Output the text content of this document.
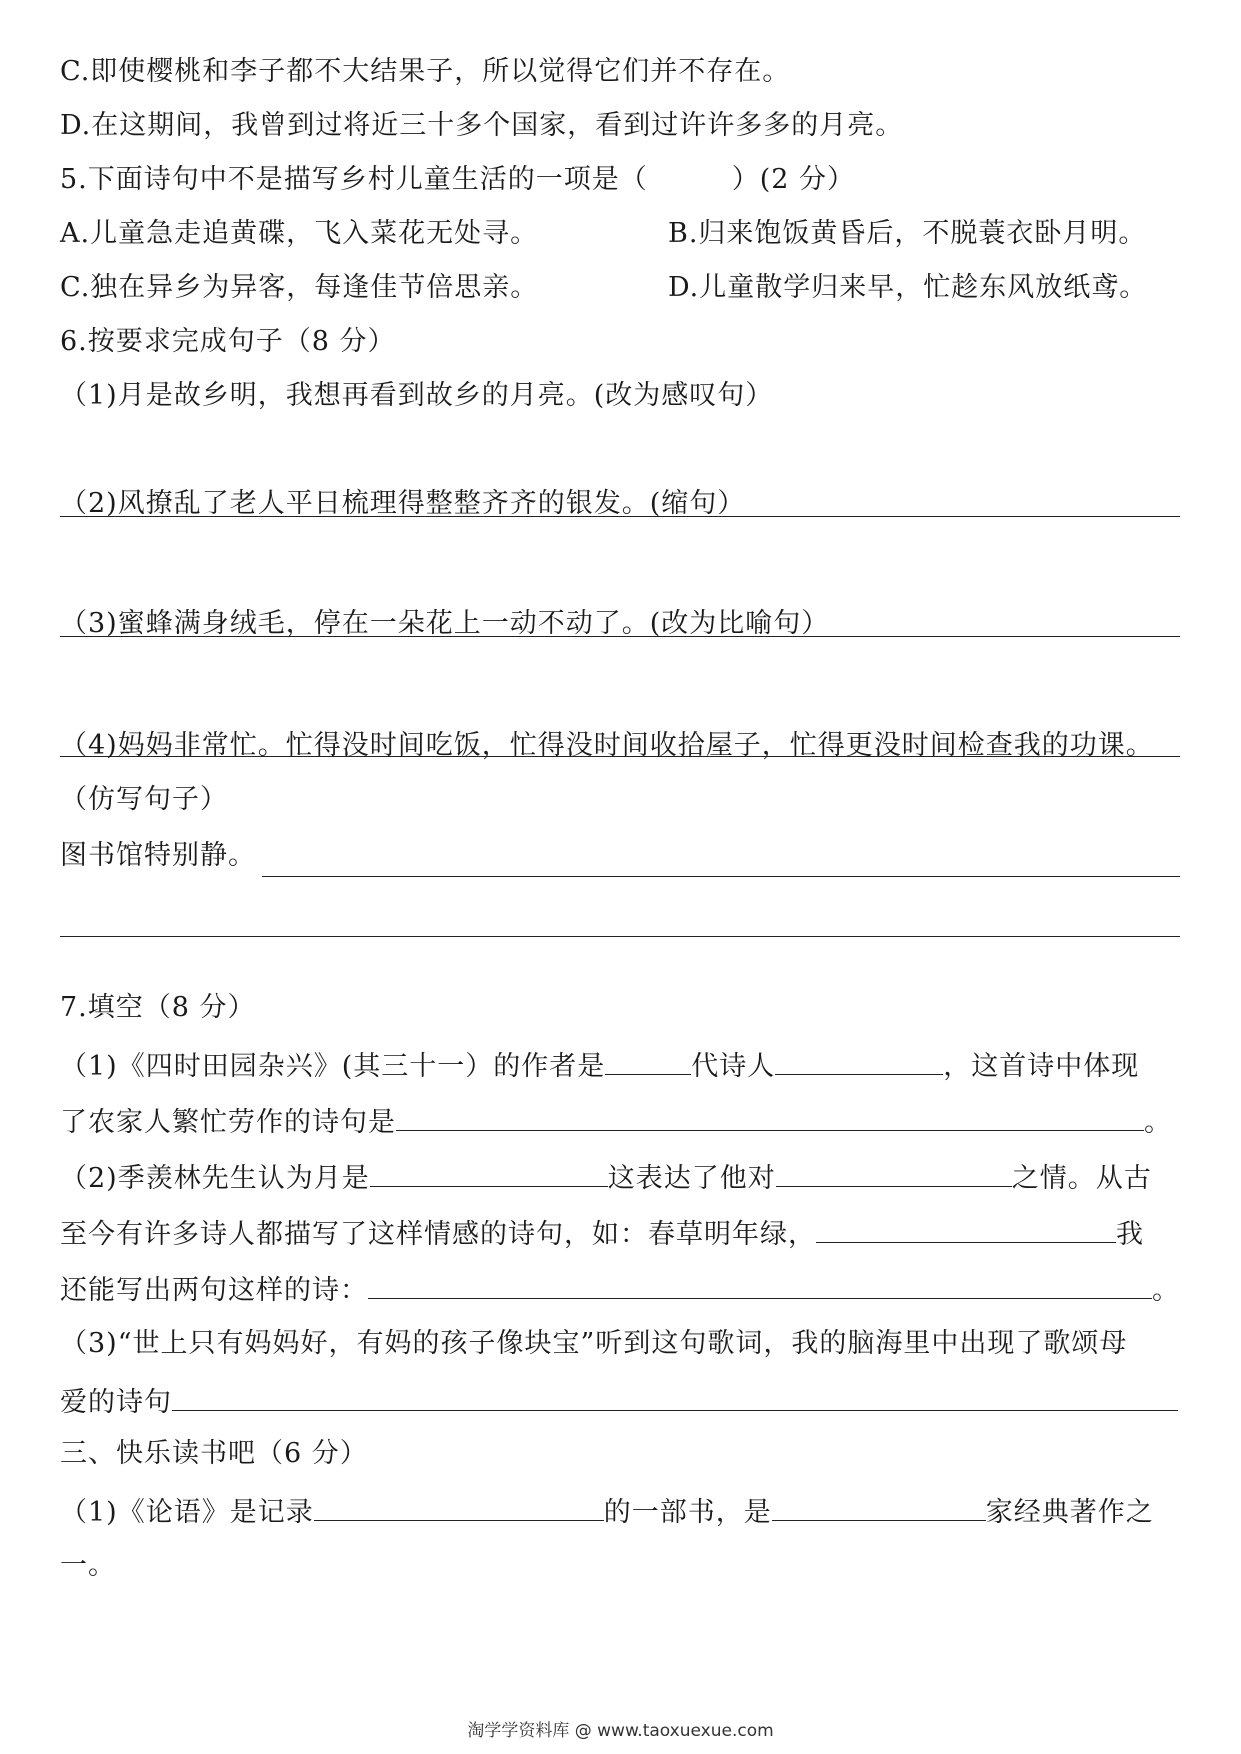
C.即使樱桃和李子都不大结果子，所以觉得它们并不存在。
D.在这期间，我曾到过将近三十多个国家，看到过许许多多的月亮。
5.下面诗句中不是描写乡村儿童生活的一项是（　　　）(2 分）
A.儿童急走追黄碟，飞入菜花无处寻。	B.归来饱饭黄昏后，不脱蓑衣卧月明。
C.独在异乡为异客，每逢佳节倍思亲。	D.儿童散学归来早，忙趁东风放纸鸢。
6.按要求完成句子（8 分）
（1)月是故乡明，我想再看到故乡的月亮。(改为感叹句）
（2)风撩乱了老人平日梳理得整整齐齐的银发。(缩句）
（3)蜜蜂满身绒毛，停在一朵花上一动不动了。(改为比喻句）
（4)妈妈非常忙。忙得没时间吃饭，忙得没时间收拾屋子，忙得更没时间检查我的功课。
（仿写句子）
图书馆特别静。
7.填空（8 分）
（1)《四时田园杂兴》(其三十一）的作者是	代诗人	，这首诗中体现
了农家人繁忙劳作的诗句是	。
（2)季羡林先生认为月是	这表达了他对	之情。从古
至今有许多诗人都描写了这样情感的诗句，如：春草明年绿，	我
还能写出两句这样的诗：	。
（3)“世上只有妈妈好，有妈的孩子像块宝”听到这句歌词，我的脑海里中出现了歌颂母
爱的诗句
三、快乐读书吧（6 分）
（1)《论语》是记录	的一部书，是	家经典著作之
一。
淘学学资料库 @ www.taoxuexue.com
